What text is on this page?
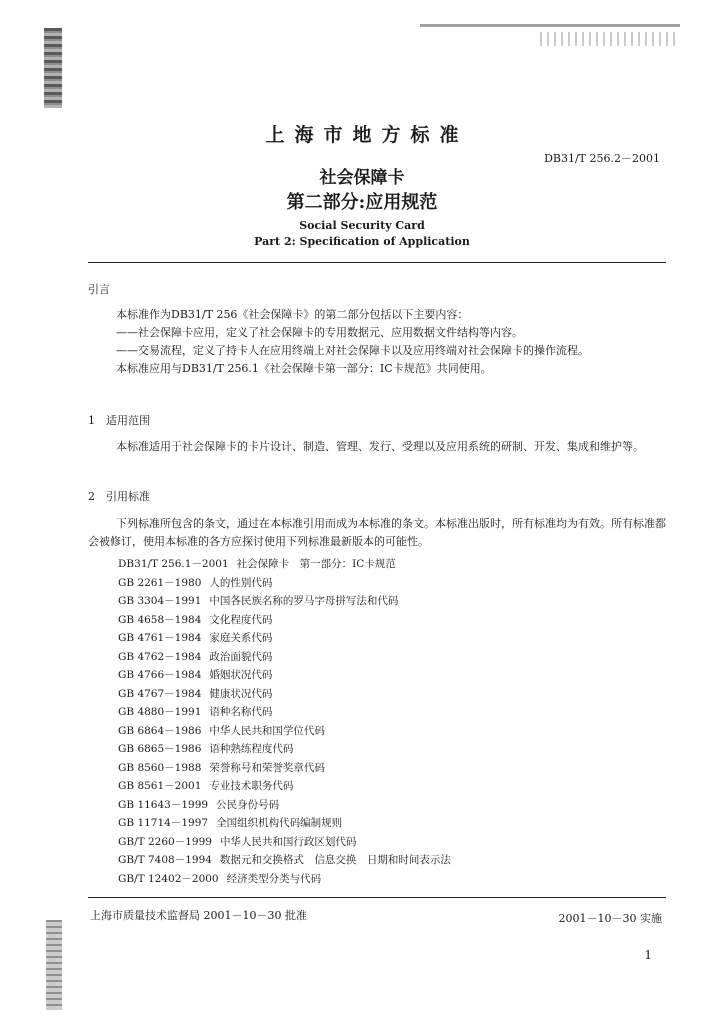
上海市地方标准
DB31/T 256.2－2001
社会保障卡
第二部分:应用规范
Social Security Card
Part 2: Specification of Application
引言

本标准作为DB31/T 256《社会保障卡》的第二部分包括以下主要内容：

——社会保障卡应用，定义了社会保障卡的专用数据元、应用数据文件结构等内容。

——交易流程，定义了持卡人在应用终端上对社会保障卡以及应用终端对社会保障卡的操作流程。

本标准应用与DB31/T 256.1《社会保障卡第一部分：IC卡规范》共同使用。

1　适用范围
本标准适用于社会保障卡的卡片设计、制造、管理、发行、受理以及应用系统的研制、开发、集成和维护等。
2　引用标准
下列标准所包含的条文，通过在本标准引用而成为本标准的条文。本标准出版时，所有标准均为有效。所有标准都会被修订，使用本标准的各方应探讨使用下列标准最新版本的可能性。
DB31/T 256.1－2001 社会保障卡　第一部分：IC卡规范
GB 2261－1980 人的性别代码
GB 3304－1991 中国各民族名称的罗马字母拼写法和代码
GB 4658－1984 文化程度代码
GB 4761－1984 家庭关系代码
GB 4762－1984 政治面貌代码
GB 4766－1984 婚姻状况代码
GB 4767－1984 健康状况代码
GB 4880－1991 语种名称代码
GB 6864－1986 中华人民共和国学位代码
GB 6865－1986 语种熟练程度代码
GB 8560－1988 荣誉称号和荣誉奖章代码
GB 8561－2001 专业技术职务代码
GB 11643－1999 公民身份号码
GB 11714－1997 全国组织机构代码编制规则
GB/T 2260－1999 中华人民共和国行政区划代码
GB/T 7408－1994 数据元和交换格式　信息交换　日期和时间表示法
GB/T 12402－2000 经济类型分类与代码
上海市质量技术监督局 2001－10－30 批准	2001－10－30 实施
1
